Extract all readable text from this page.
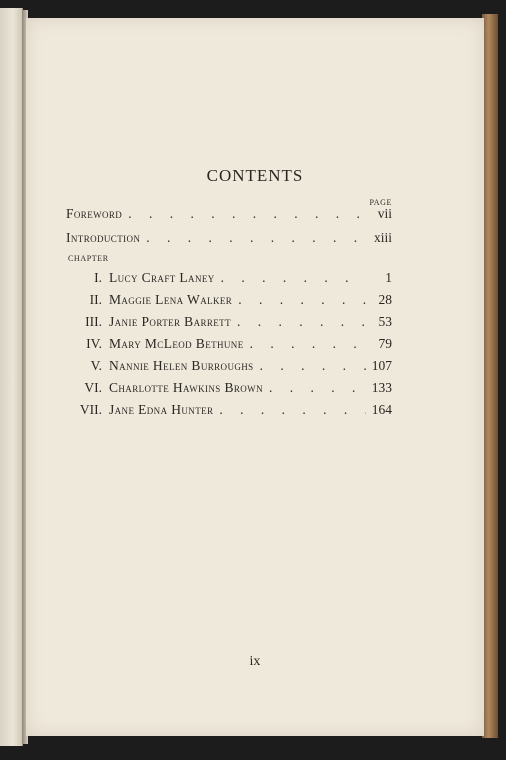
CONTENTS
PAGE
Foreword . . .	vii
Introduction . . .	xiii
CHAPTER
I. Lucy Craft Laney . . .	1
II. Maggie Lena Walker . . .	28
III. Janie Porter Barrett . . .	53
IV. Mary McLeod Bethune . . .	79
V. Nannie Helen Burroughs . . .	107
VI. Charlotte Hawkins Brown . . .	133
VII. Jane Edna Hunter . . .	164
ix
